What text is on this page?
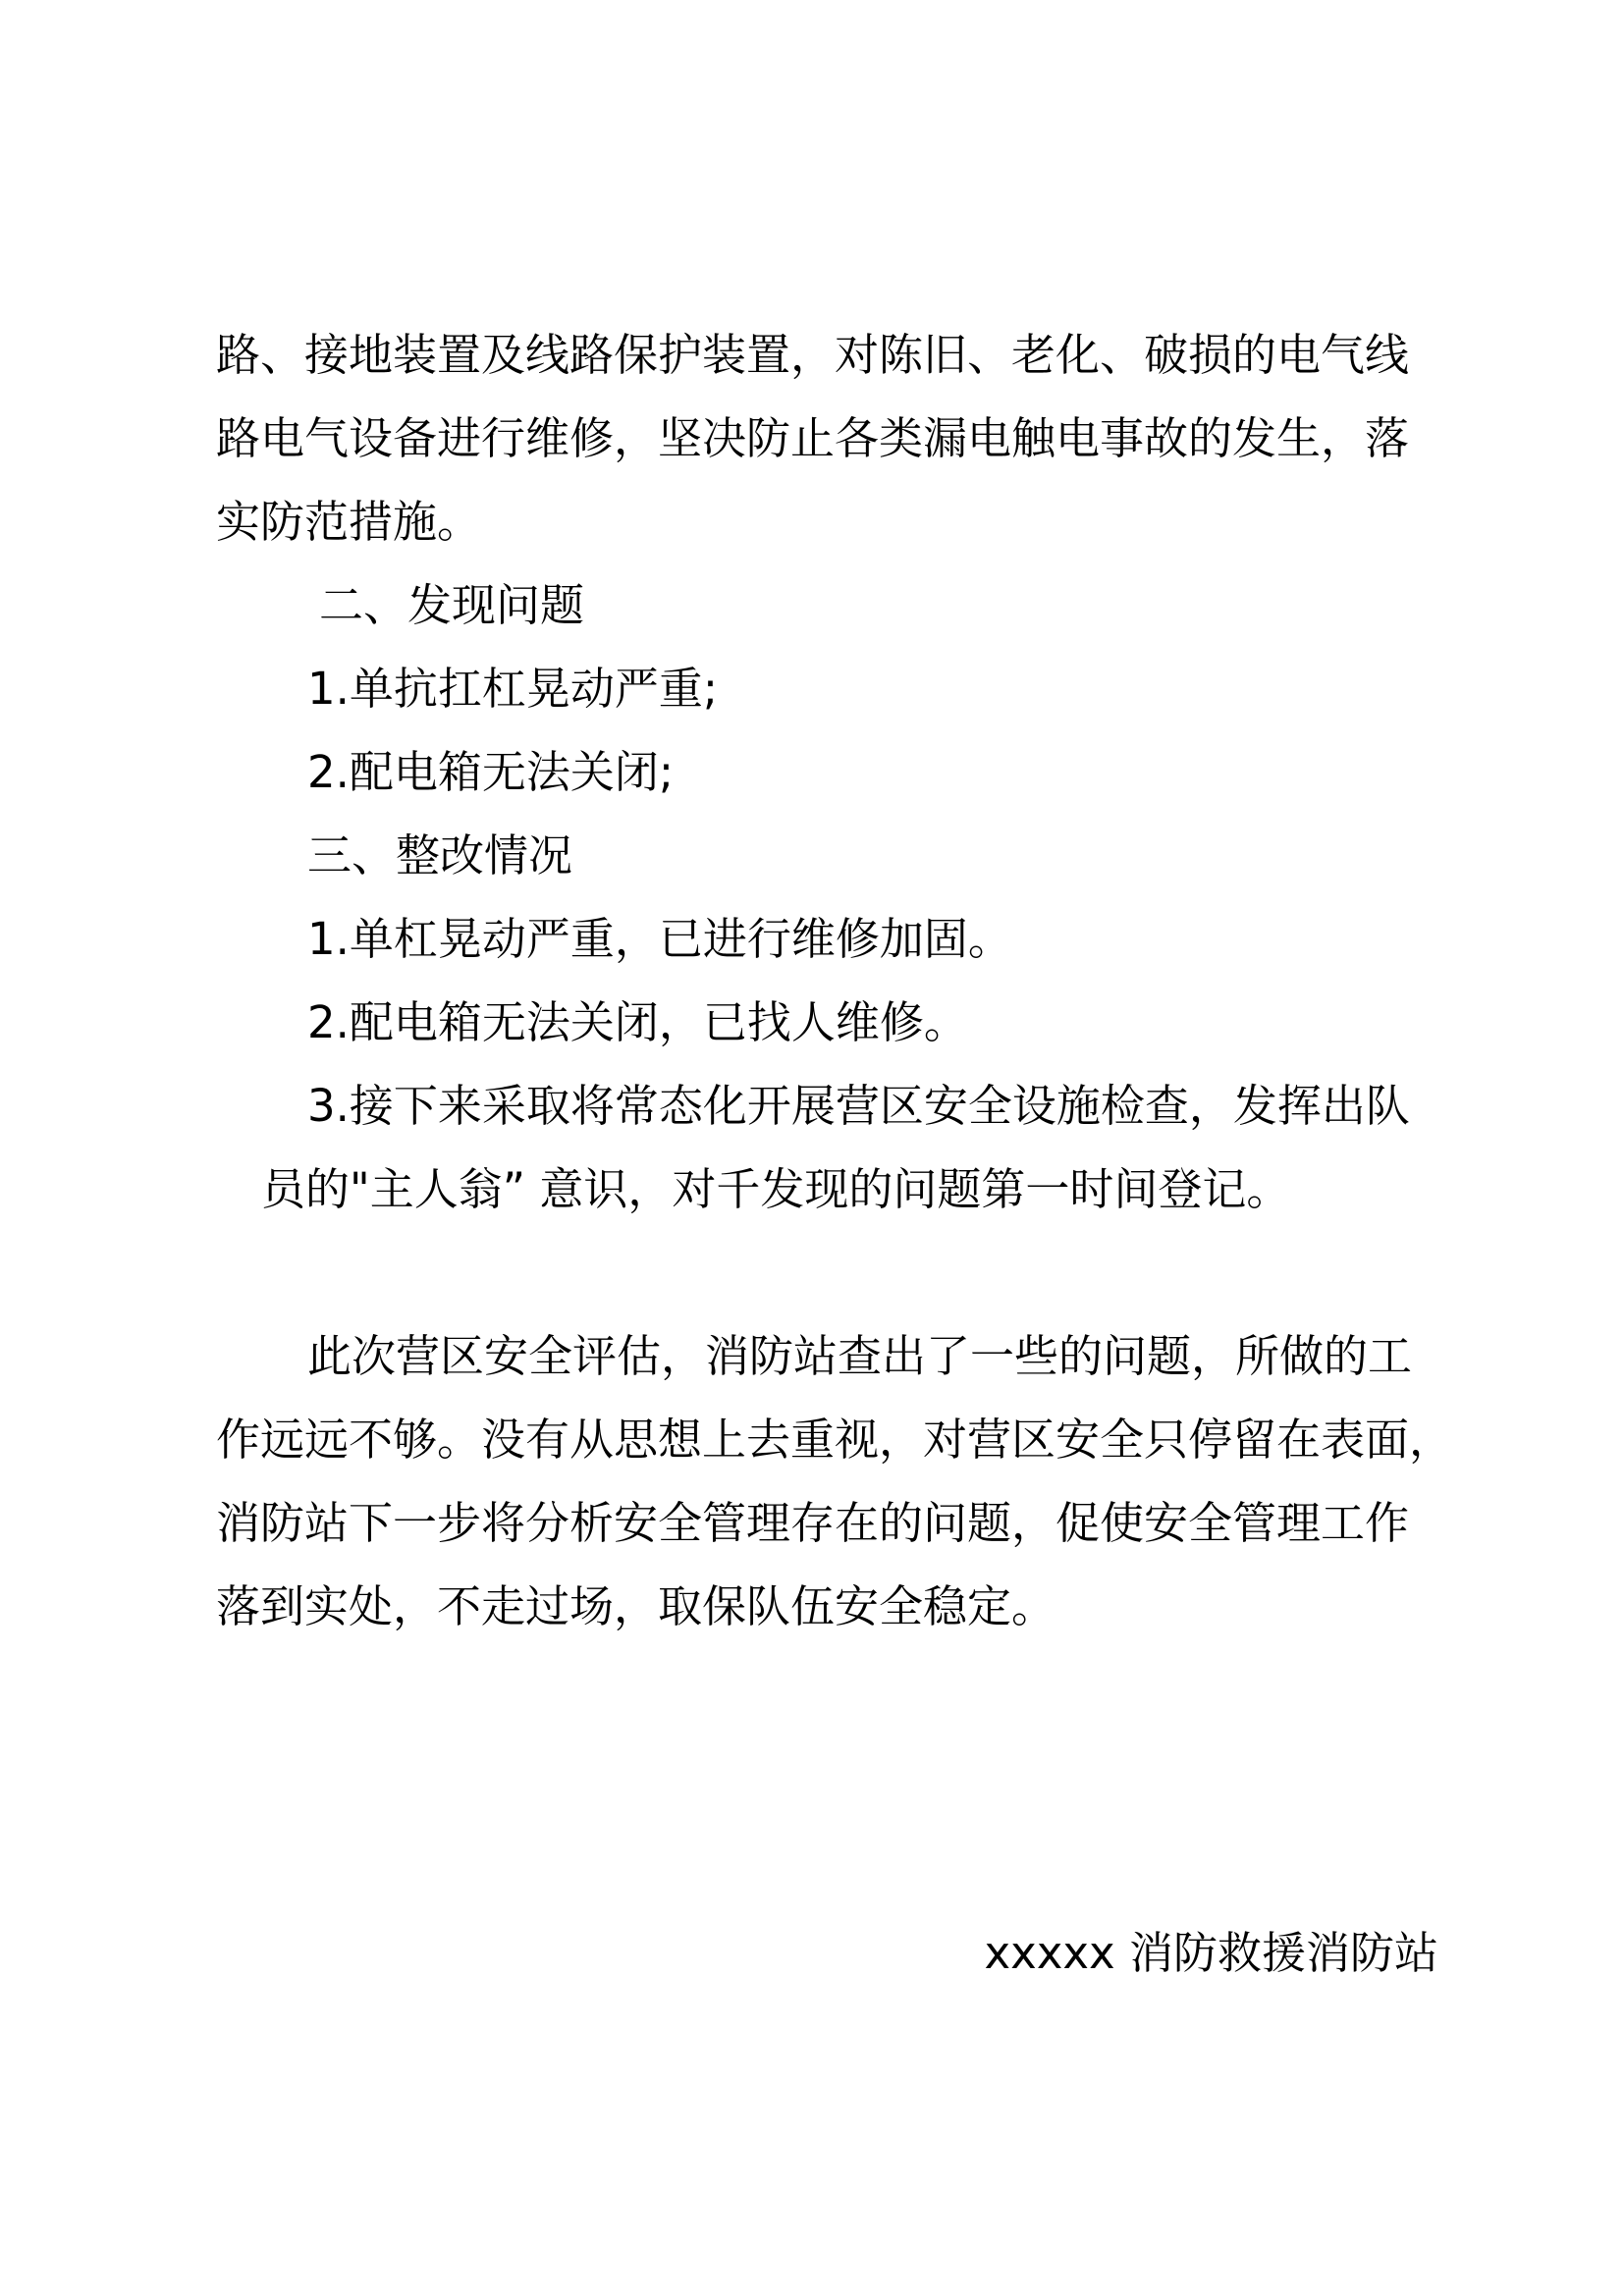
路、接地装置及线路保护装置，对陈旧、老化、破损的电气线
路电气设备进行维修，坚决防止各类漏电触电事故的发生，落
实防范措施。
二、发现问题
1.单抗扛杠晃动严重;
2.配电箱无法关闭;
三、整改情况
1.单杠晃动严重，已进行维修加固。
2.配电箱无法关闭，已找人维修。
3.接下来采取将常态化开展营区安全设施检查，发挥出队
员的"主人翁” 意识，对千发现的问题第一时间登记。
此次营区安全评估，消防站查出了一些的问题，所做的工
作远远不够。没有从思想上去重视，对营区安全只停留在表面，
消防站下一步将分析安全管理存在的问题，促使安全管理工作
落到实处，不走过场，取保队伍安全稳定。
xxxxx 消防救援消防站
